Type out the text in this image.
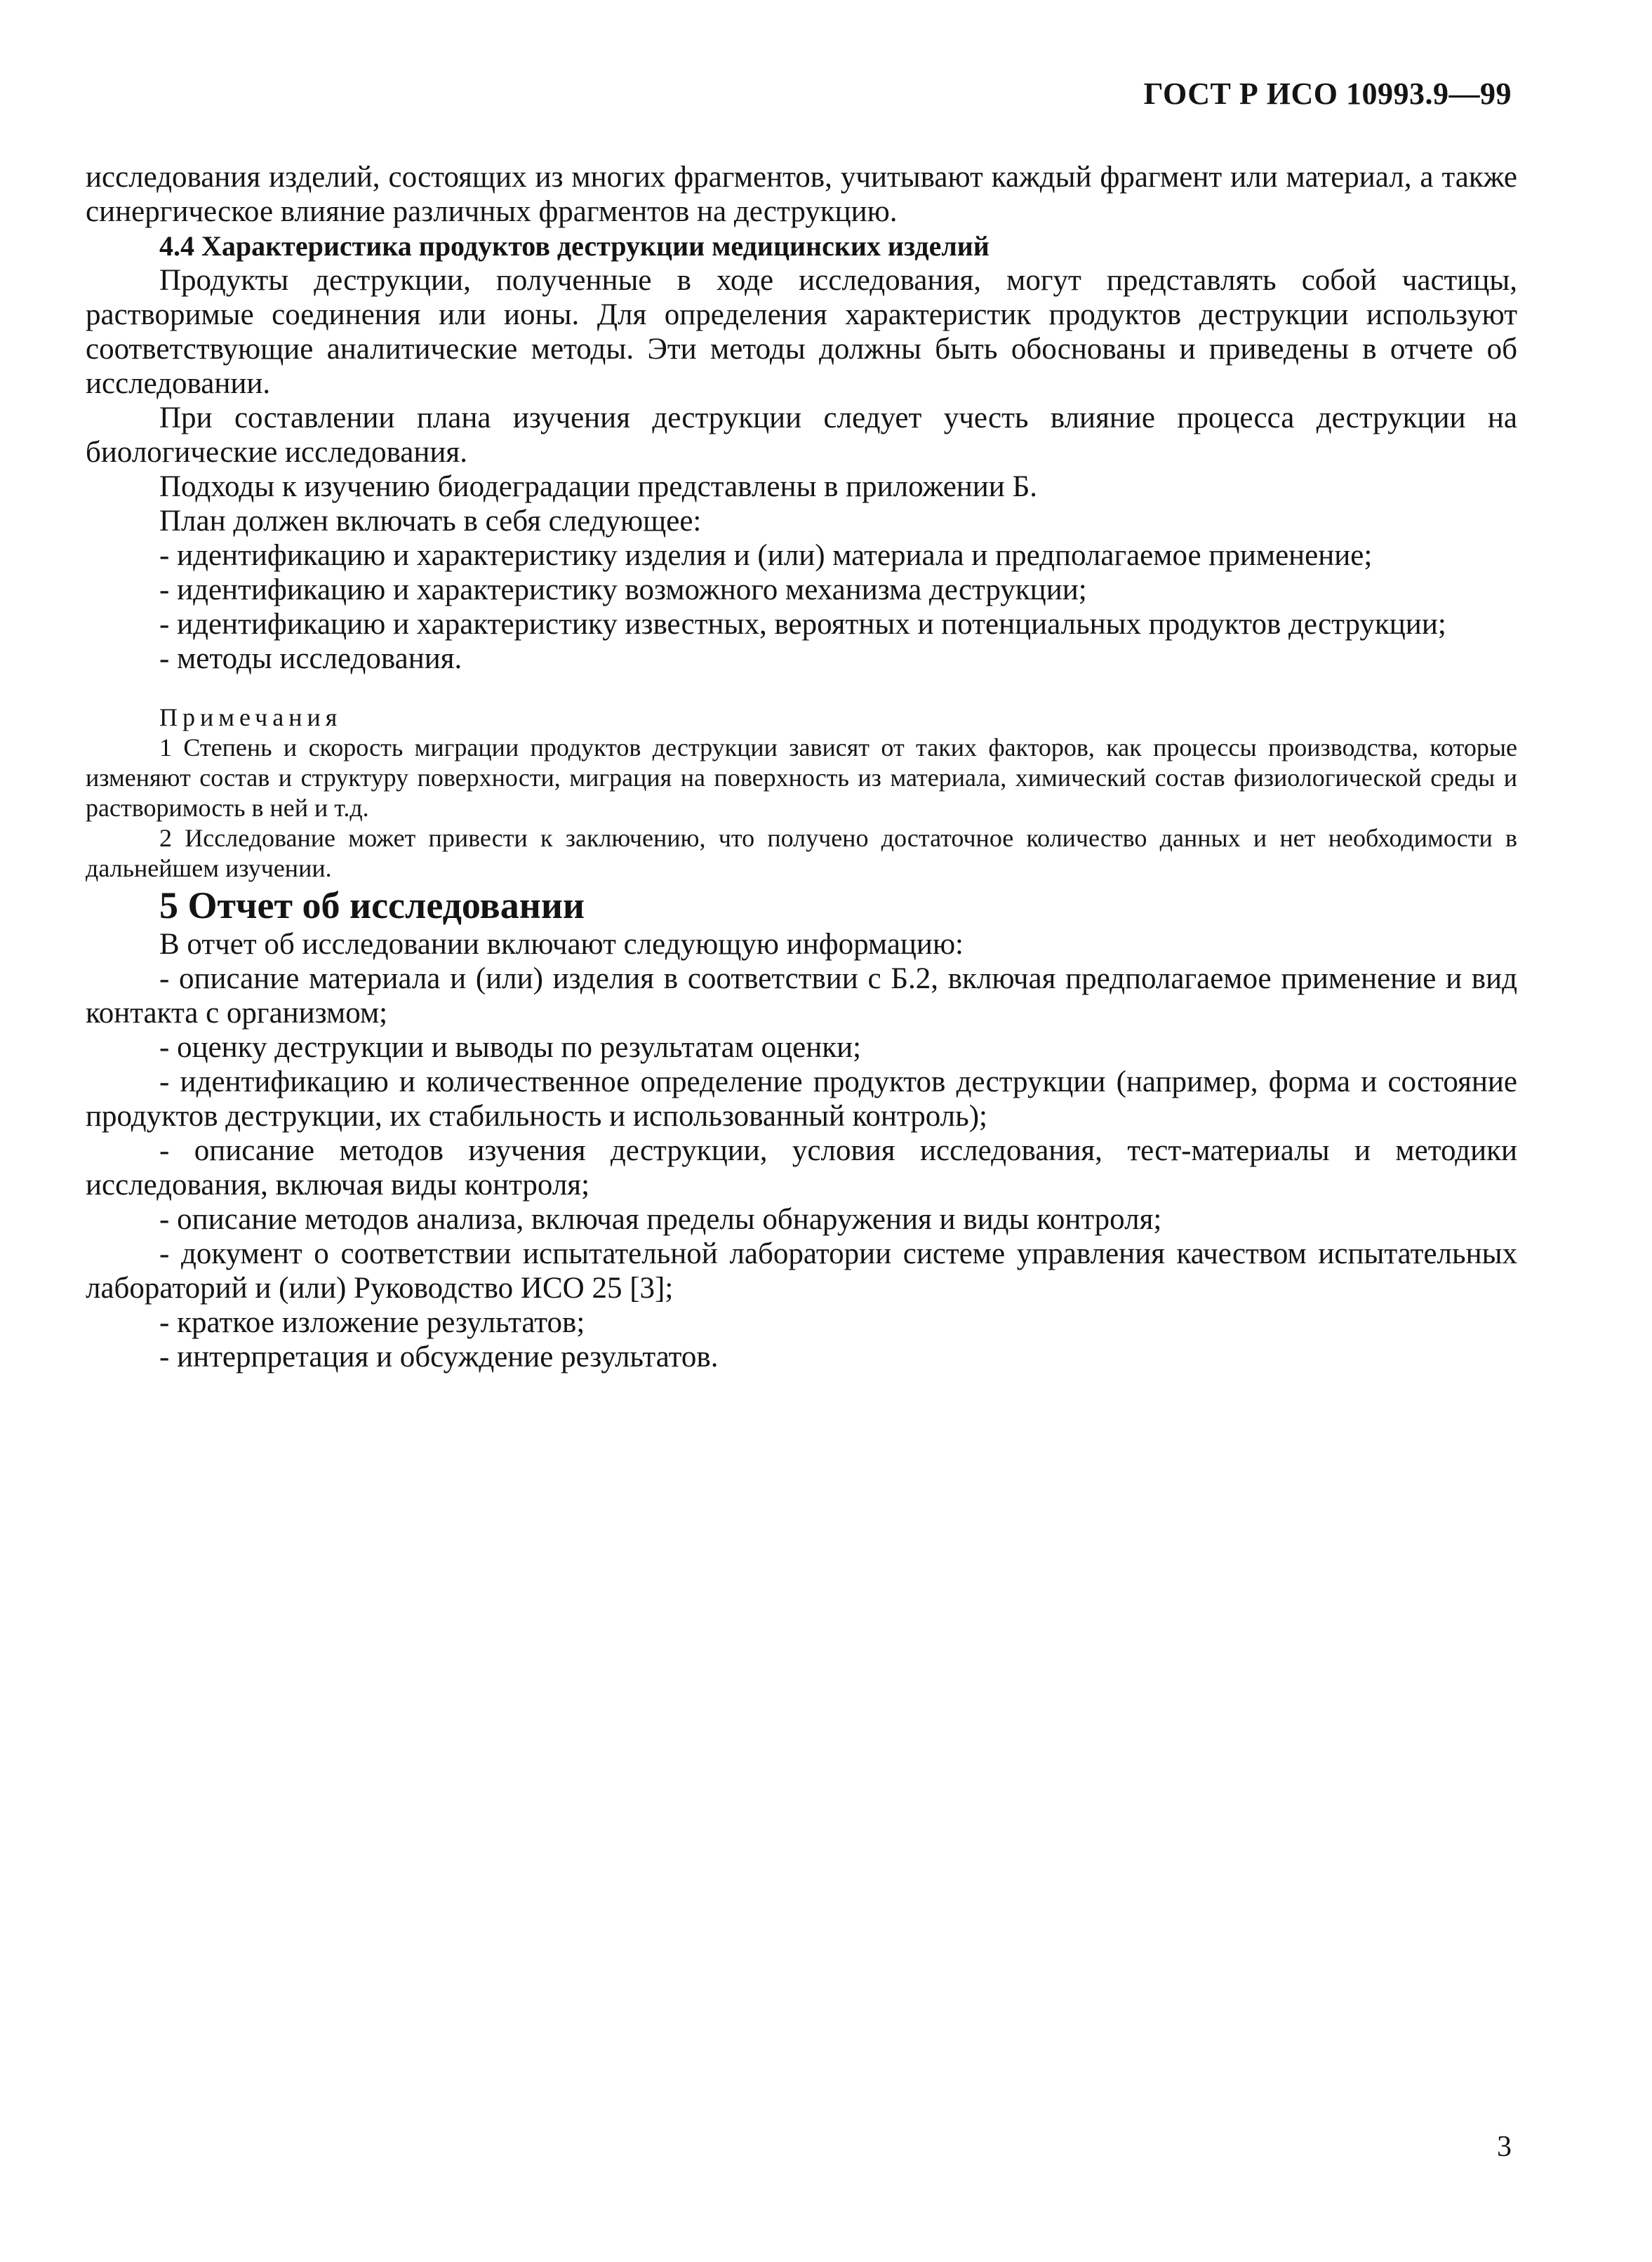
ГОСТ Р ИСО 10993.9—99

исследования изделий, состоящих из многих фрагментов, учитывают каждый фрагмент или материал, а также синергическое влияние различных фрагментов на деструкцию.

4.4 Характеристика продуктов деструкции медицинских изделий

Продукты деструкции, полученные в ходе исследования, могут представлять собой частицы, растворимые соединения или ионы. Для определения характеристик продуктов деструкции используют соответствующие аналитические методы. Эти методы должны быть обоснованы и приведены в отчете об исследовании.

При составлении плана изучения деструкции следует учесть влияние процесса деструкции на биологические исследования.

Подходы к изучению биодеградации представлены в приложении Б.

План должен включать в себя следующее:

- идентификацию и характеристику изделия и (или) материала и предполагаемое применение;

- идентификацию и характеристику возможного механизма деструкции;

- идентификацию и характеристику известных, вероятных и потенциальных продуктов деструкции;

- методы исследования.

Примечания

1 Степень и скорость миграции продуктов деструкции зависят от таких факторов, как процессы производства, которые изменяют состав и структуру поверхности, миграция на поверхность из материала, химический состав физиологической среды и растворимость в ней и т.д.

2 Исследование может привести к заключению, что получено достаточное количество данных и нет необходимости в дальнейшем изучении.

5 Отчет об исследовании

В отчет об исследовании включают следующую информацию:

- описание материала и (или) изделия в соответствии с Б.2, включая предполагаемое применение и вид контакта с организмом;

- оценку деструкции и выводы по результатам оценки;

- идентификацию и количественное определение продуктов деструкции (например, форма и состояние продуктов деструкции, их стабильность и использованный контроль);

- описание методов изучения деструкции, условия исследования, тест-материалы и методики исследования, включая виды контроля;

- описание методов анализа, включая пределы обнаружения и виды контроля;

- документ о соответствии испытательной лаборатории системе управления качеством испытательных лабораторий и (или) Руководство ИСО 25 [3];

- краткое изложение результатов;

- интерпретация и обсуждение результатов.

3
